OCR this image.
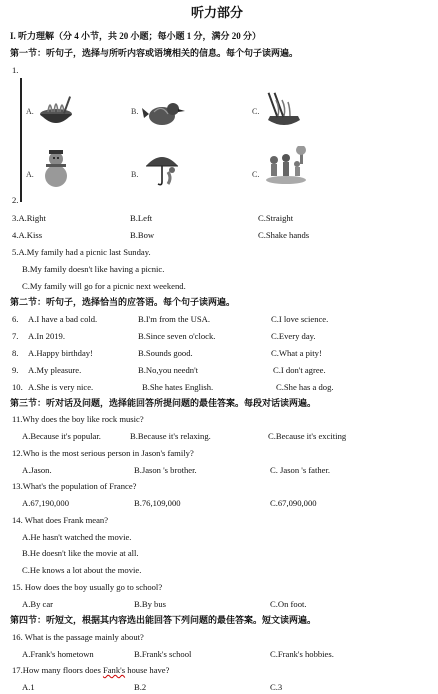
听力部分
I. 听力理解（分 4 小节，共 20 小题；每小题 1 分，满分 20 分）
第一节：听句子，选择与所听内容或语境相关的信息。每个句子读两遍。
1.
A.	B.	C.
A.	B.	C.
2.
3.A.Right	B.Left	C.Straight
4.A.Kiss	B.Bow	C.Shake hands
5.A.My family had a picnic last Sunday.
B.My family doesn't like having a picnic.
C.My family will go for a picnic next weekend.
第二节：听句子，选择恰当的应答语。每个句子读两遍。
6. A.I have a bad cold.	B.I'm from the USA.	C.I love science.
7. A.In 2019.	B.Since seven o'clock.	C.Every day.
8. A.Happy birthday!	B.Sounds good.	C.What a pity!
9. A.My pleasure.	B.No,you needn't	C.I don't agree.
10. A.She is very nice.	B.She hates English.	C.She has a dog.
第三节：听对话及问题，选择能回答所提问题的最佳答案。每段对话读两遍。
11.Why does the boy like rock music?
A.Because it's popular.	B.Because it's relaxing.	C.Because it's exciting
12.Who is the most serious person in Jason's family?
A.Jason.	B.Jason 's brother.	C. Jason 's father.
13.What's the population of France?
A.67,190,000	B.76,109,000	C.67,090,000
14. What does Frank mean?
A.He hasn't watched the movie.
B.He doesn't like the movie at all.
C.He knows a lot about the movie.
15. How does the boy usually go to school?
A.By car	B.By bus	C.On foot.
第四节：听短文，根据其内容选出能回答下列问题的最佳答案。短文读两遍。
16. What is the passage mainly about?
A.Frank's hometown	B.Frank's school	C.Frank's hobbies.
17.How many floors does Fank's house have?
A.1	B.2	C.3
